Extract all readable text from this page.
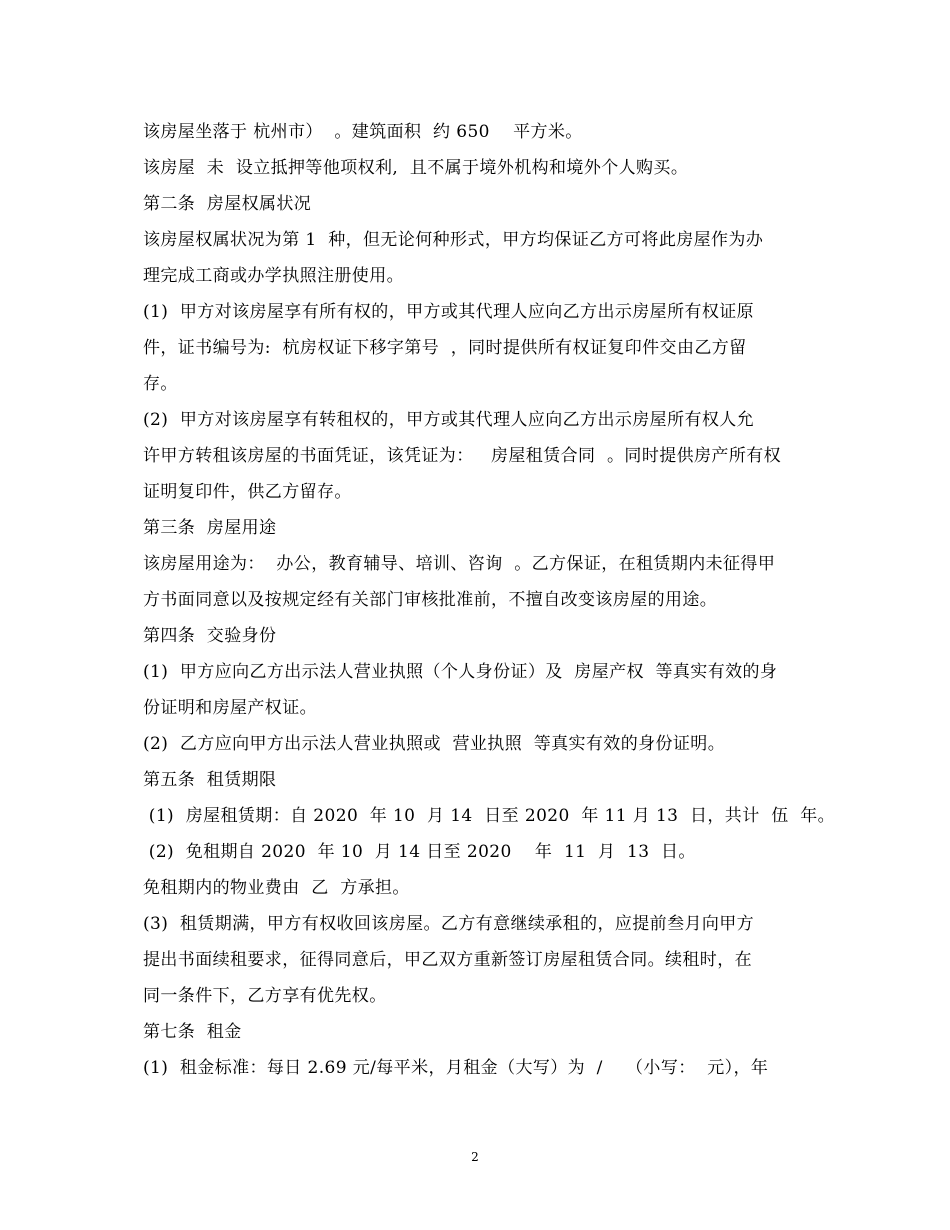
该房屋坐落于 杭州市）  。建筑面积  约 650    平方米。
该房屋  未  设立抵押等他项权利,  且不属于境外机构和境外个人购买。
第二条  房屋权属状况
该房屋权属状况为第 1  种，但无论何种形式，甲方均保证乙方可将此房屋作为办
理完成工商或办学执照注册使用。
(1)  甲方对该房屋享有所有权的，甲方或其代理人应向乙方出示房屋所有权证原
件，证书编号为:  杭房权证下移字第号  ，同时提供所有权证复印件交由乙方留
存。
(2)  甲方对该房屋享有转租权的，甲方或其代理人应向乙方出示房屋所有权人允
许甲方转租该房屋的书面凭证，该凭证为：   房屋租赁合同  。同时提供房产所有权
证明复印件，供乙方留存。
第三条  房屋用途
该房屋用途为：  办公，教育辅导、培训、咨询  。乙方保证，在租赁期内未征得甲
方书面同意以及按规定经有关部门审核批准前，不擅自改变该房屋的用途。
第四条  交验身份
(1)  甲方应向乙方出示法人营业执照（个人身份证）及  房屋产权  等真实有效的身
份证明和房屋产权证。
(2)  乙方应向甲方出示法人营业执照或  营业执照  等真实有效的身份证明。
第五条  租赁期限
(1)  房屋租赁期：自 2020  年 10  月 14  日至 2020  年 11 月 13  日，共计  伍  年。
(2)  免租期自 2020  年 10  月 14 日至 2020    年  11  月  13  日。
免租期内的物业费由  乙  方承担。
(3)  租赁期满，甲方有权收回该房屋。乙方有意继续承租的，应提前叁月向甲方
提出书面续租要求，征得同意后，甲乙双方重新签订房屋租赁合同。续租时，在
同一条件下，乙方享有优先权。
第七条  租金
(1)  租金标准：每日 2.69 元/每平米，月租金（大写）为  /    （小写：  元），年
2
